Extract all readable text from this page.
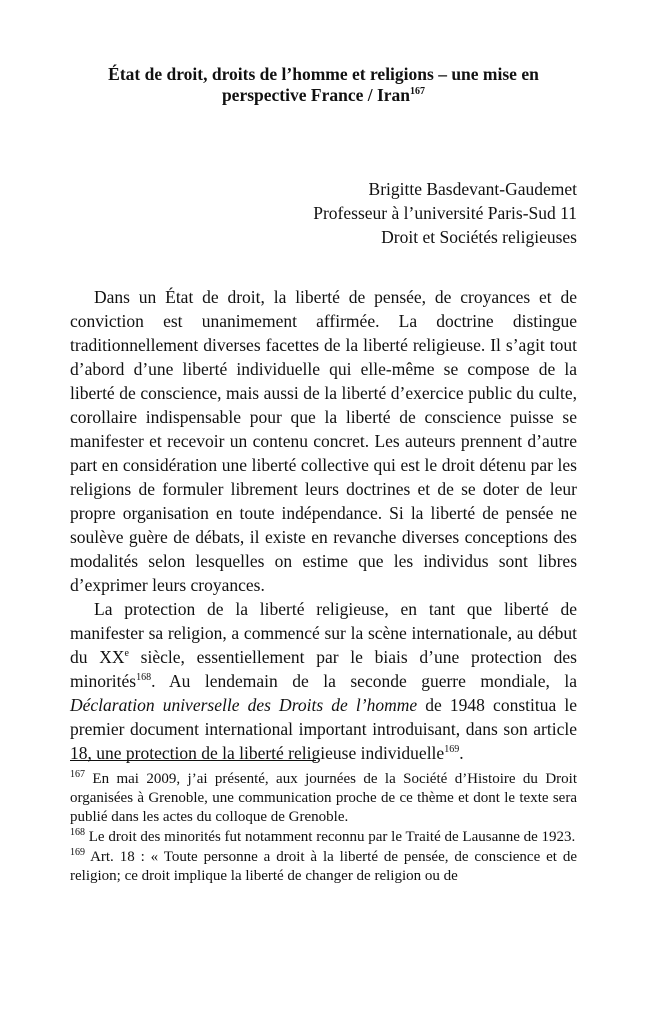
État de droit, droits de l’homme et religions – une mise en perspective France / Iran$^{167}$
Brigitte Basdevant-Gaudemet
Professeur à l’université Paris-Sud 11
Droit et Sociétés religieuses

Dans un État de droit, la liberté de pensée, de croyances et de conviction est unanimement affirmée. La doctrine distingue traditionnellement diverses facettes de la liberté religieuse. Il s’agit tout d’abord d’une liberté individuelle qui elle-même se compose de la liberté de conscience, mais aussi de la liberté d’exercice public du culte, corollaire indispensable pour que la liberté de conscience puisse se manifester et recevoir un contenu concret. Les auteurs prennent d’autre part en considération une liberté collective qui est le droit détenu par les religions de formuler librement leurs doctrines et de se doter de leur propre organisation en toute indépendance. Si la liberté de pensée ne soulève guère de débats, il existe en revanche diverses conceptions des modalités selon lesquelles on estime que les individus sont libres d’exprimer leurs croyances.

La protection de la liberté religieuse, en tant que liberté de manifester sa religion, a commencé sur la scène internationale, au début du XXe siècle, essentiellement par le biais d’une protection des minorités$^{168}$. Au lendemain de la seconde guerre mondiale, la Déclaration universelle des Droits de l’homme de 1948 constitua le premier document international important introduisant, dans son article 18, une protection de la liberté religieuse individuelle$^{169}$.

$^{167}$ En mai 2009, j’ai présenté, aux journées de la Société d’Histoire du Droit organisées à Grenoble, une communication proche de ce thème et dont le texte sera publié dans les actes du colloque de Grenoble.

$^{168}$ Le droit des minorités fut notamment reconnu par le Traité de Lausanne de 1923.

$^{169}$ Art. 18 : « Toute personne a droit à la liberté de pensée, de conscience et de religion; ce droit implique la liberté de changer de religion ou de
